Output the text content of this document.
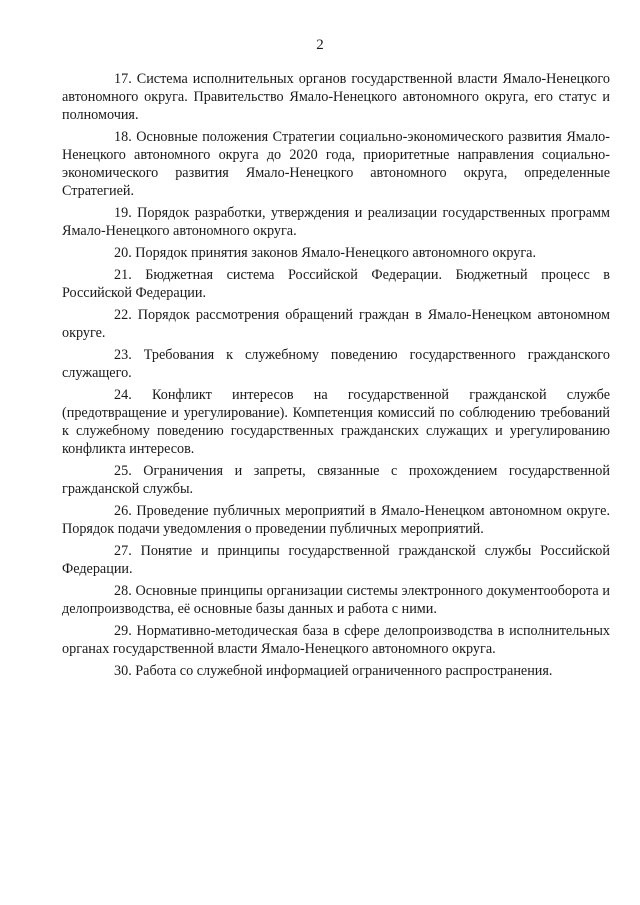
2

17. Система исполнительных органов государственной власти Ямало-Ненецкого автономного округа. Правительство Ямало-Ненецкого автономного округа, его статус и полномочия.

18. Основные положения Стратегии социально-экономического развития Ямало-Ненецкого автономного округа до 2020 года, приоритетные направления социально-экономического развития Ямало-Ненецкого автономного округа, определенные Стратегией.

19. Порядок разработки, утверждения и реализации государственных программ Ямало-Ненецкого автономного округа.

20. Порядок принятия законов Ямало-Ненецкого автономного округа.

21. Бюджетная система Российской Федерации. Бюджетный процесс в Российской Федерации.

22. Порядок рассмотрения обращений граждан в Ямало-Ненецком автономном округе.

23. Требования к служебному поведению государственного гражданского служащего.

24. Конфликт интересов на государственной гражданской службе (предотвращение и урегулирование). Компетенция комиссий по соблюдению требований к служебному поведению государственных гражданских служащих и урегулированию конфликта интересов.

25. Ограничения и запреты, связанные с прохождением государственной гражданской службы.

26. Проведение публичных мероприятий в Ямало-Ненецком автономном округе. Порядок подачи уведомления о проведении публичных мероприятий.

27. Понятие и принципы государственной гражданской службы Российской Федерации.

28. Основные принципы организации системы электронного документооборота и делопроизводства, её основные базы данных и работа с ними.

29. Нормативно-методическая база в сфере делопроизводства в исполнительных органах государственной власти Ямало-Ненецкого автономного округа.

30. Работа со служебной информацией ограниченного распространения.
